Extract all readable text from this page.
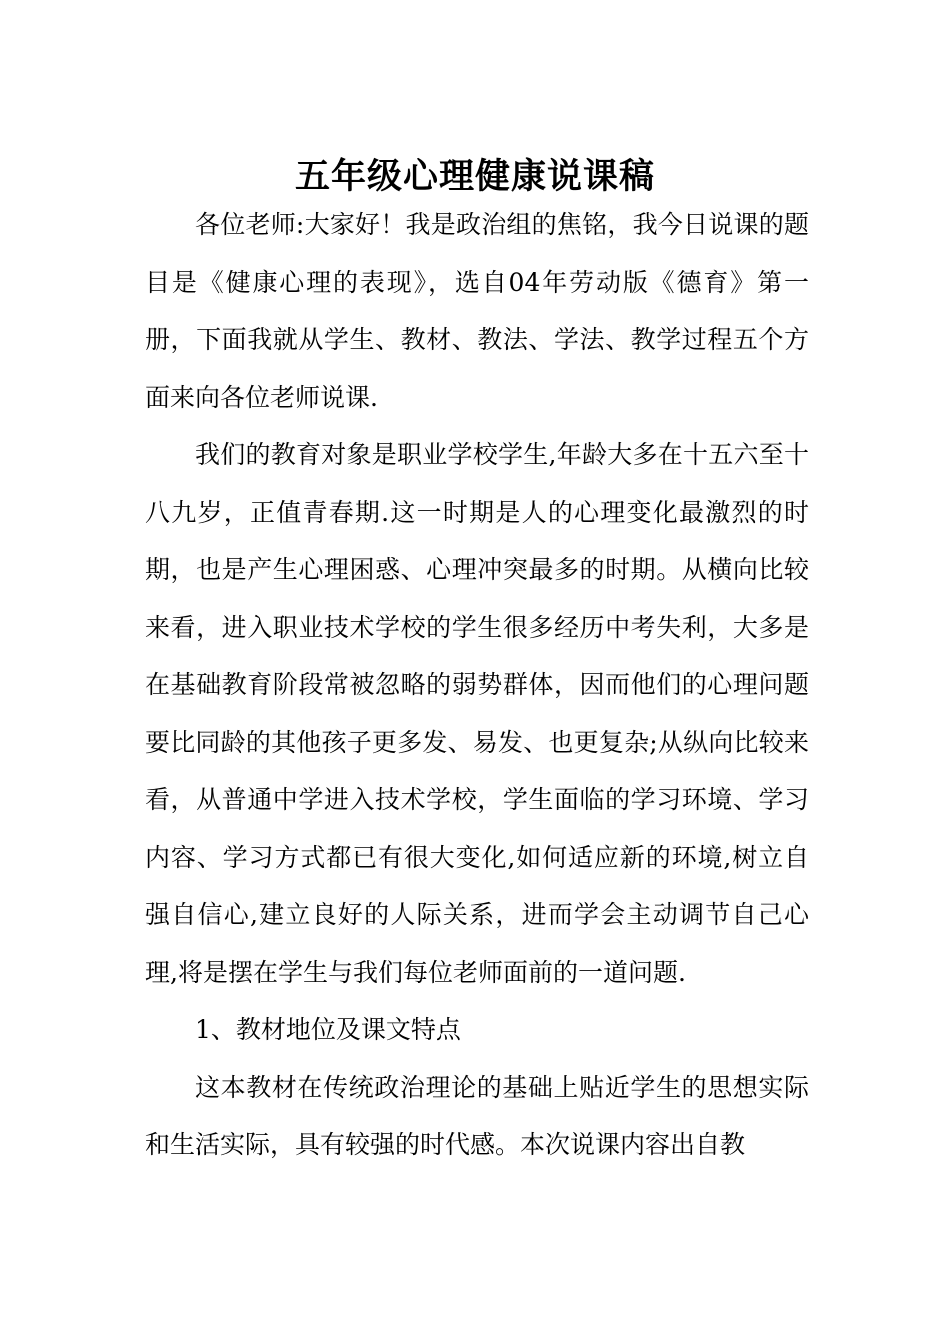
五年级心理健康说课稿

各位老师:大家好！我是政治组的焦铭，我今日说课的题目是《健康心理的表现》，选自04年劳动版《德育》第一册，下面我就从学生、教材、教法、学法、教学过程五个方面来向各位老师说课.

我们的教育对象是职业学校学生,年龄大多在十五六至十八九岁，正值青春期.这一时期是人的心理变化最激烈的时期，也是产生心理困惑、心理冲突最多的时期。从横向比较来看，进入职业技术学校的学生很多经历中考失利，大多是在基础教育阶段常被忽略的弱势群体，因而他们的心理问题要比同龄的其他孩子更多发、易发、也更复杂;从纵向比较来看，从普通中学进入技术学校，学生面临的学习环境、学习内容、学习方式都已有很大变化,如何适应新的环境,树立自强自信心,建立良好的人际关系，进而学会主动调节自己心理,将是摆在学生与我们每位老师面前的一道问题.

1、教材地位及课文特点

这本教材在传统政治理论的基础上贴近学生的思想实际和生活实际，具有较强的时代感。本次说课内容出自教
